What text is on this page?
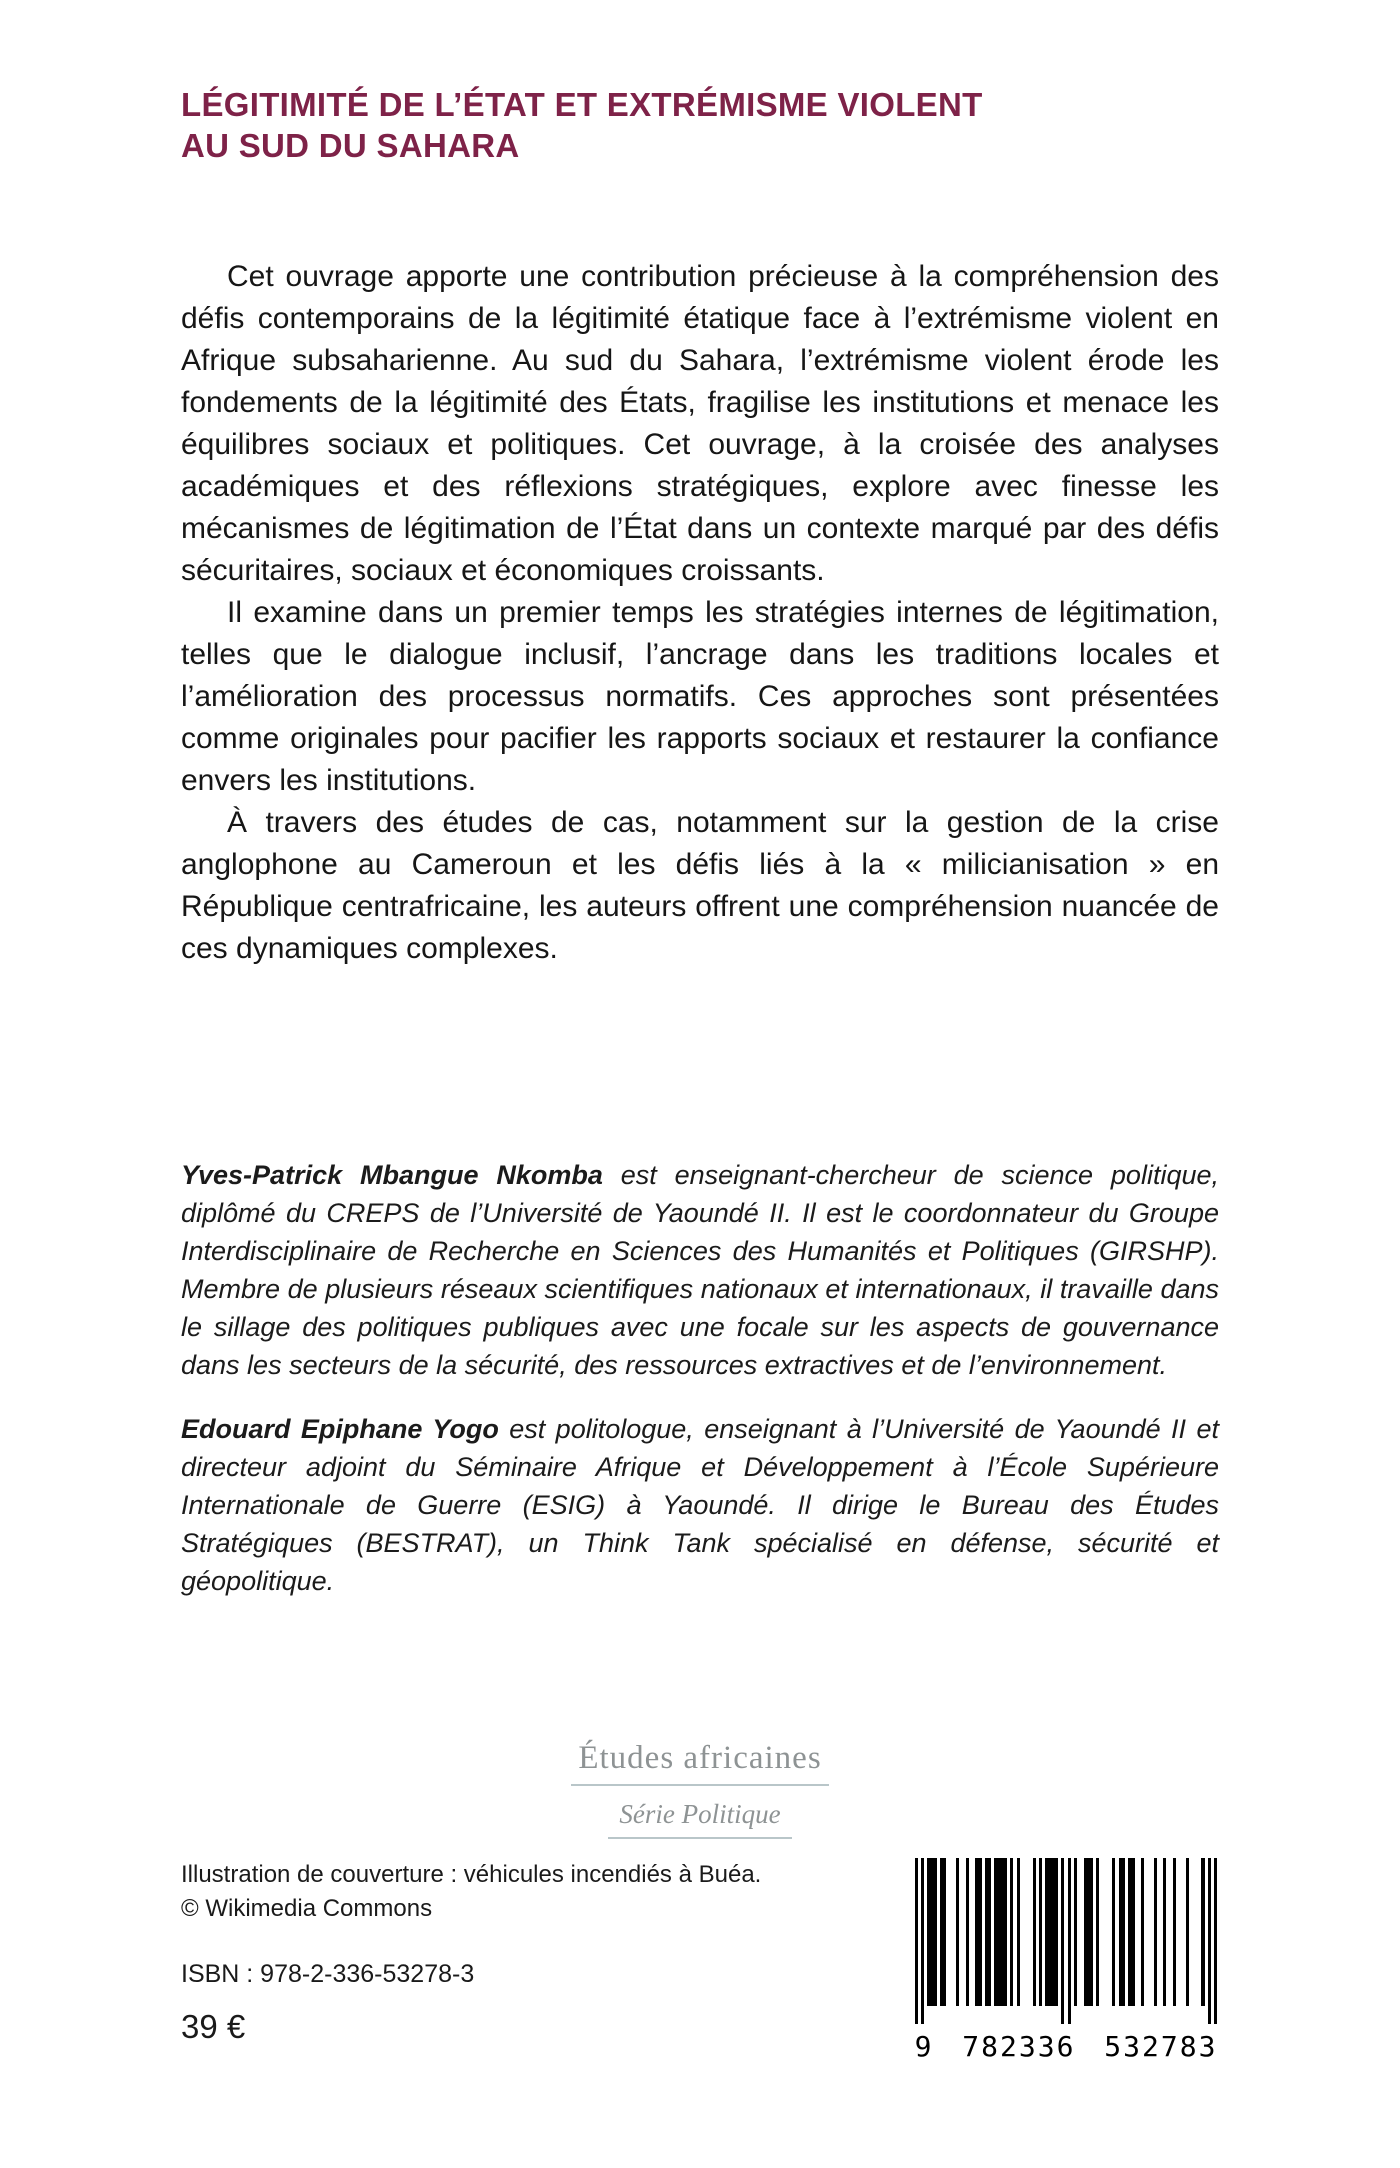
LÉGITIMITÉ DE L’ÉTAT ET EXTRÉMISME VIOLENT
AU SUD DU SAHARA

Cet ouvrage apporte une contribution précieuse à la compréhension des défis contemporains de la légitimité étatique face à l’extrémisme violent en Afrique subsaharienne. Au sud du Sahara, l’extrémisme violent érode les fondements de la légitimité des États, fragilise les institutions et menace les équilibres sociaux et politiques. Cet ouvrage, à la croisée des analyses académiques et des réflexions stratégiques, explore avec finesse les mécanismes de légitimation de l’État dans un contexte marqué par des défis sécuritaires, sociaux et économiques croissants.

Il examine dans un premier temps les stratégies internes de légitimation, telles que le dialogue inclusif, l’ancrage dans les traditions locales et l’amélioration des processus normatifs. Ces approches sont présentées comme originales pour pacifier les rapports sociaux et restaurer la confiance envers les institutions.

À travers des études de cas, notamment sur la gestion de la crise anglophone au Cameroun et les défis liés à la « milicianisation » en République centrafricaine, les auteurs offrent une compréhension nuancée de ces dynamiques complexes.

Yves-Patrick Mbangue Nkomba est enseignant-chercheur de science politique, diplômé du CREPS de l’Université de Yaoundé II. Il est le coordonnateur du Groupe Interdisciplinaire de Recherche en Sciences des Humanités et Politiques (GIRSHP). Membre de plusieurs réseaux scientifiques nationaux et internationaux, il travaille dans le sillage des politiques publiques avec une focale sur les aspects de gouvernance dans les secteurs de la sécurité, des ressources extractives et de l’environnement.

Edouard Epiphane Yogo est politologue, enseignant à l’Université de Yaoundé II et directeur adjoint du Séminaire Afrique et Développement à l’École Supérieure Internationale de Guerre (ESIG) à Yaoundé. Il dirige le Bureau des Études Stratégiques (BESTRAT), un Think Tank spécialisé en défense, sécurité et géopolitique.

Études africaines
Série Politique
Illustration de couverture : véhicules incendiés à Buéa.
© Wikimedia Commons
ISBN : 978-2-336-53278-3
39 €
9 782336 532783
